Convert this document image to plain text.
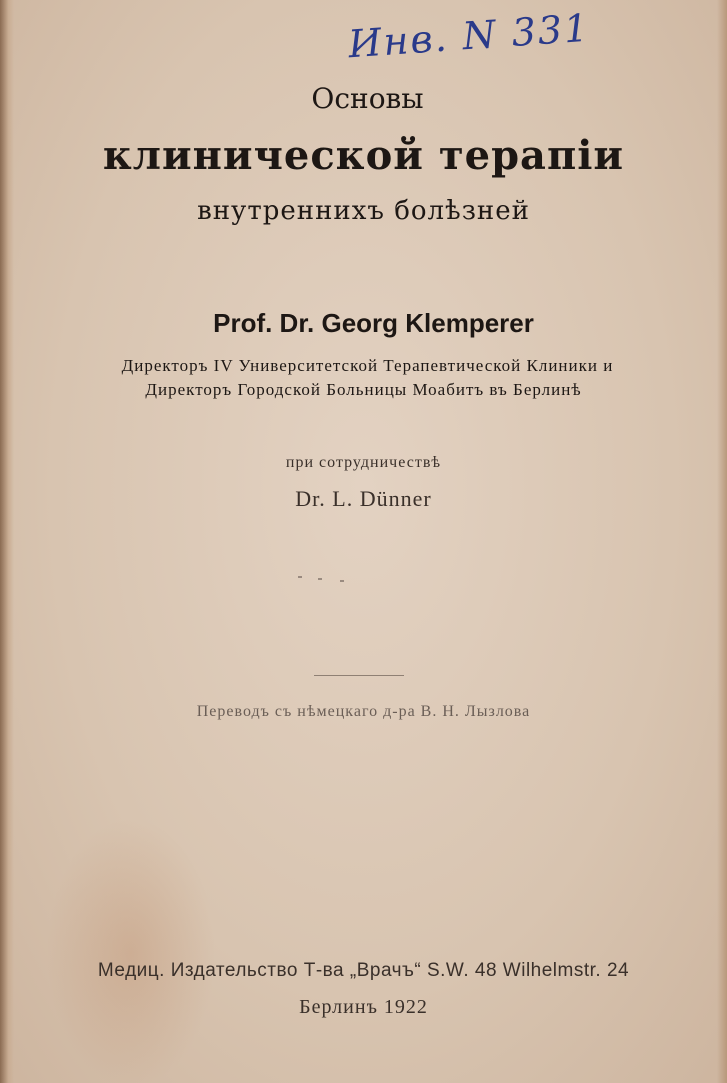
Инв. N 331
Основы
клинической терапiи
внутреннихъ болѣзней
Prof. Dr. Georg Klemperer
Директоръ IV Университетской Терапевтической Клиники и
Директоръ Городской Больницы Моабитъ въ Берлинѣ
при сотрудничествѣ
Dr. L. Dünner
Переводъ съ нѣмецкаго д-ра В. Н. Лызлова
Медиц. Издательство Т-ва „Врачъ“ S.W. 48 Wilhelmstr. 24
Берлинъ 1922
